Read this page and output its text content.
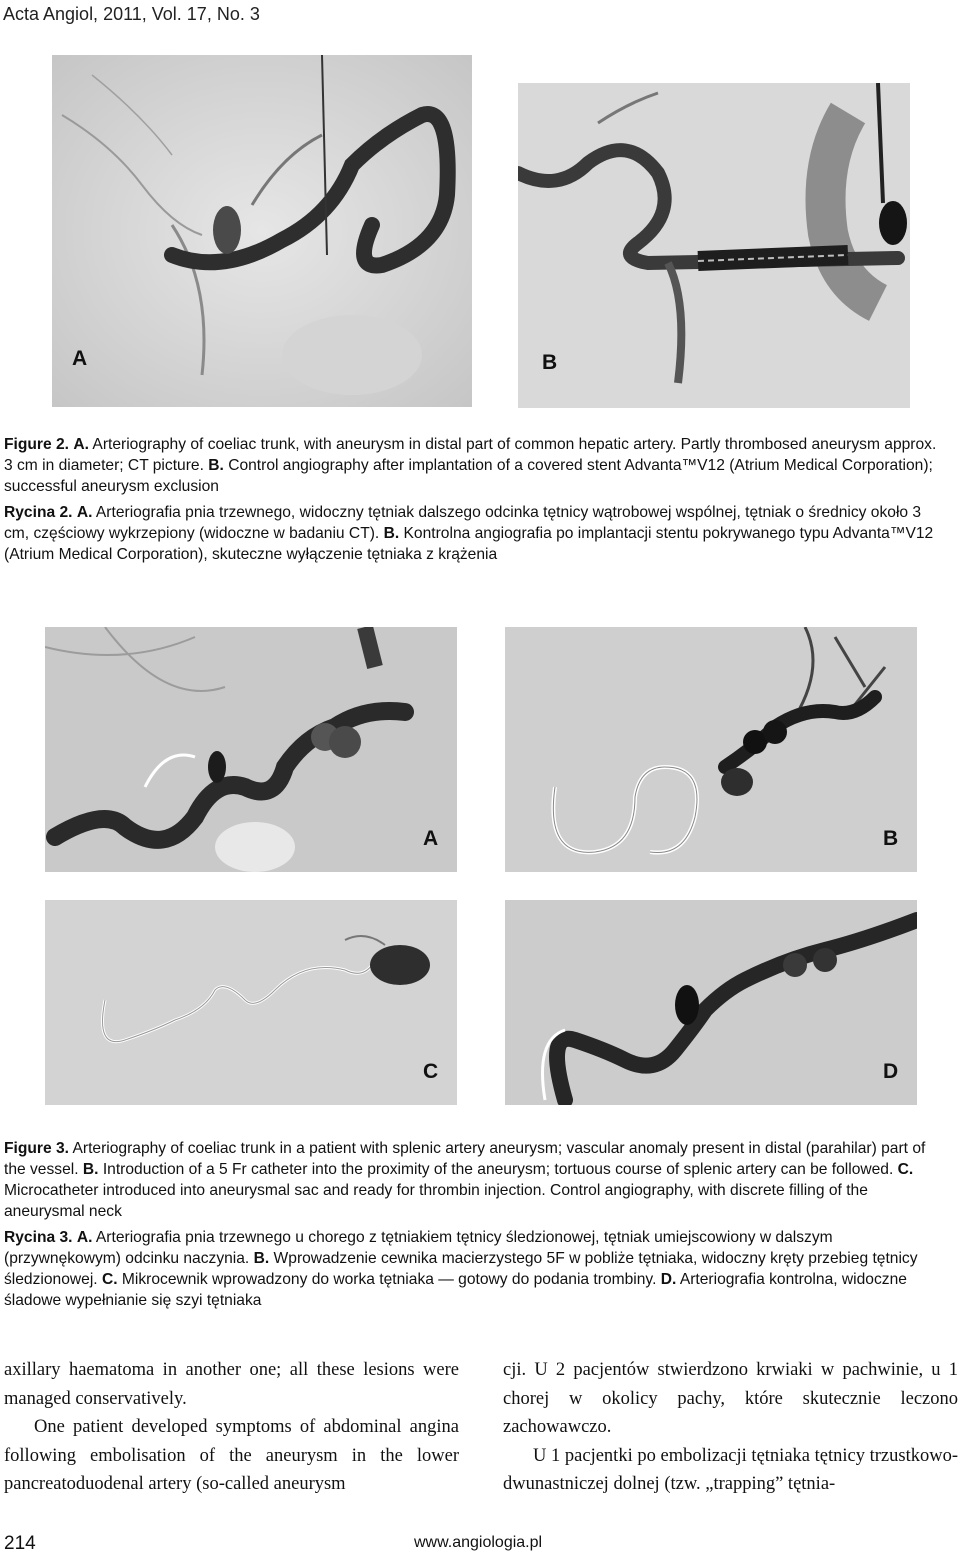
Acta Angiol, 2011, Vol. 17, No. 3
A	B

Figure 2. A. Arteriography of coeliac trunk, with aneurysm in distal part of common hepatic artery. Partly thrombosed aneurysm approx. 3 cm in diameter; CT picture. B. Control angiography after implantation of a covered stent Advanta™V12 (Atrium Medical Corporation); successful aneurysm exclusion

Rycina 2. A. Arteriografia pnia trzewnego, widoczny tętniak dalszego odcinka tętnicy wątrobowej wspólnej, tętniak o średnicy około 3 cm, częściowy wykrzepiony (widoczne w badaniu CT). B. Kontrolna angiografia po implantacji stentu pokrywanego typu Advanta™V12 (Atrium Medical Corporation), skuteczne wyłączenie tętniaka z krążenia

A	B
C	D

Figure 3. Arteriography of coeliac trunk in a patient with splenic artery aneurysm; vascular anomaly present in distal (parahilar) part of the vessel. B. Introduction of a 5 Fr catheter into the proximity of the aneurysm; tortuous course of splenic artery can be followed. C. Microcatheter introduced into aneurysmal sac and ready for thrombin injection. Control angiography, with discrete filling of the aneurysmal neck

Rycina 3. A. Arteriografia pnia trzewnego u chorego z tętniakiem tętnicy śledzionowej, tętniak umiejscowiony w dalszym (przywnękowym) odcinku naczynia. B. Wprowadzenie cewnika macierzystego 5F w pobliże tętniaka, widoczny kręty przebieg tętnicy śledzionowej. C. Mikrocewnik wprowadzony do worka tętniaka — gotowy do podania trombiny. D. Arteriografia kontrolna, widoczne śladowe wypełnianie się szyi tętniaka

axillary haematoma in another one; all these lesions were managed conservatively.

One patient developed symptoms of abdominal angina following embolisation of the aneurysm in the lower pancreatoduodenal artery (so-called aneurysm

cji. U 2 pacjentów stwierdzono krwiaki w pachwinie, u 1 chorej w okolicy pachy, które skutecznie leczono zachowawczo.

U 1 pacjentki po embolizacji tętniaka tętnicy trzustkowo-dwunastniczej dolnej (tzw. „trapping” tętnia-

214	www.angiologia.pl
